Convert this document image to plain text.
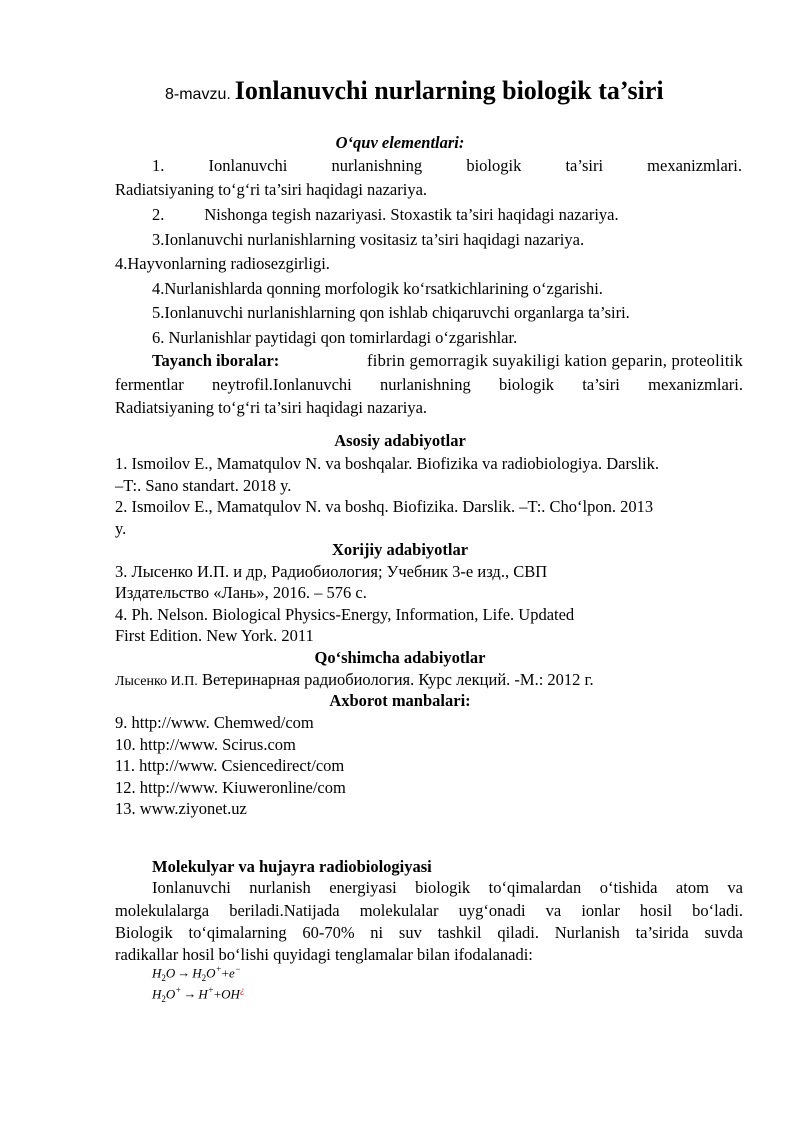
8-mavzu. Ionlanuvchi nurlarning biologik ta’siri
O‘quv elementlari:
1.	Ionlanuvchi	nurlanishning	biologik	ta’siri	mexanizmlari.
Radiatsiyaning to‘g‘ri ta’siri haqidagi nazariya.
2. Nishonga tegish nazariyasi. Stoxastik ta’siri haqidagi nazariya.
3.Ionlanuvchi nurlanishlarning vositasiz ta’siri haqidagi nazariya.
4.Hayvonlarning radiosezgirligi.
4.Nurlanishlarda qonning morfologik ko‘rsatkichlarining o‘zgarishi.
5.Ionlanuvchi nurlanishlarning qon ishlab chiqaruvchi organlarga ta’siri.
6. Nurlanishlar paytidagi qon tomirlardagi o‘zgarishlar.
Tayanch iboralar:	fibrin gemorragik suyakiligi kation geparin, proteolitik
fermentlar neytrofil.Ionlanuvchi nurlanishning biologik ta’siri mexanizmlari.
Radiatsiyaning to‘g‘ri ta’siri haqidagi nazariya.
Asosiy adabiyotlar
1. Ismoilov E., Mamatqulov N. va boshqalar. Biofizika va radiobiologiya. Darslik.
–T:. Sano standart. 2018 y.
2. Ismoilov E., Mamatqulov N. va boshq. Biofizika. Darslik. –T:. Cho‘lpon. 2013
y.
Xorijiy adabiyotlar
3. Лысенко И.П. и др, Радиобиология; Учебник 3-е изд., СВП
Издательство «Лань», 2016. – 576 с.
4. Ph. Nelson. Biological Physics-Energy, Information, Life. Updated
First Edition. New York. 2011
Qo‘shimcha adabiyotlar
Лысенко И.П. Ветеринарная радиобиология. Курс лекций. -М.: 2012 г.
Axborot manbalari:
9. http://www. Chemwed/com
10. http://www. Scirus.com
11. http://www. Csiencedirect/com
12. http://www. Kiuweronline/com
13. www.ziyonet.uz
Molekulyar va hujayra radiobiologiyasi
Ionlanuvchi nurlanish energiyasi biologik to‘qimalardan o‘tishida atom va
molekulalarga beriladi.Natijada molekulalar uyg‘onadi va ionlar hosil bo‘ladi.
Biologik to‘qimalarning 60-70% ni suv tashkil qiladi. Nurlanish ta’sirida suvda
radikallar hosil bo‘lishi quyidagi tenglamalar bilan ifodalanadi:
$H_2O \to H_2O^++e^-$
$H_2O^+ \to H^++OH^¿$
